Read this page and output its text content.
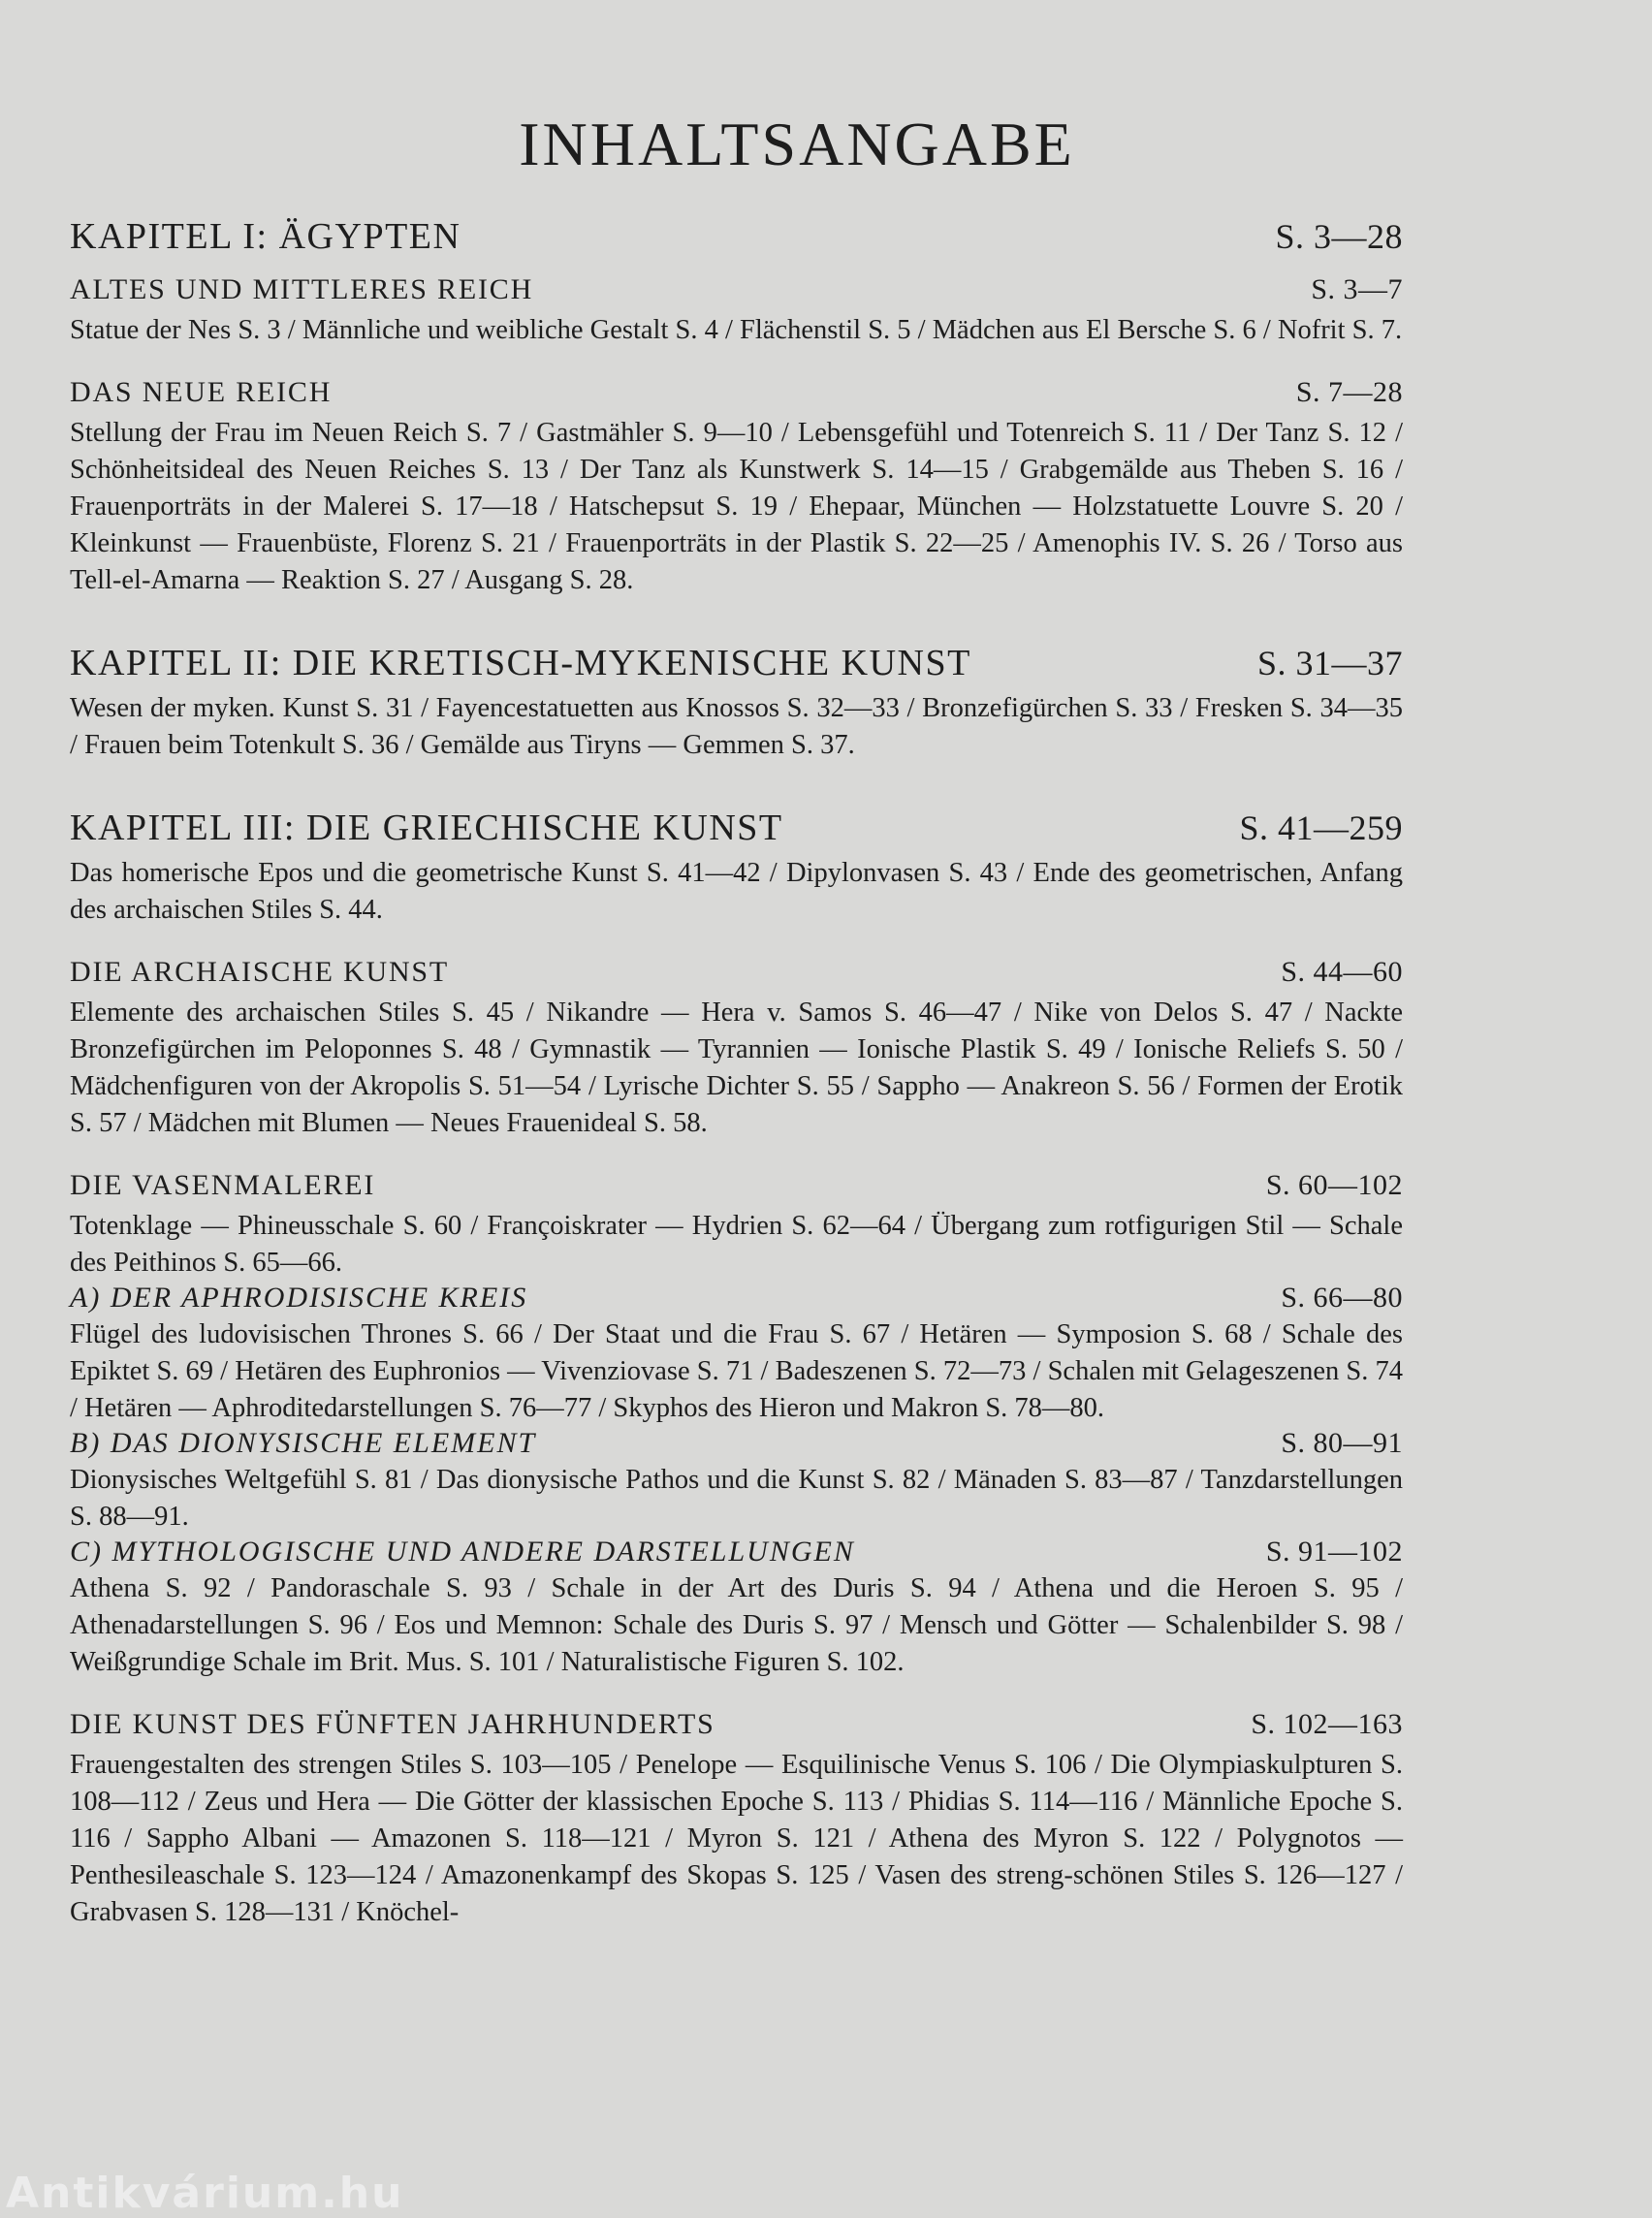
INHALTSANGABE
KAPITEL I: ÄGYPTEN	S. 3—28
ALTES UND MITTLERES REICH	S. 3—7

Statue der Nes S. 3 / Männliche und weibliche Gestalt S. 4 / Flächenstil S. 5 / Mädchen aus El Bersche S. 6 / Nofrit S. 7.

DAS NEUE REICH	S. 7—28

Stellung der Frau im Neuen Reich S. 7 / Gastmähler S. 9—10 / Lebensgefühl und Totenreich S. 11 / Der Tanz S. 12 / Schönheitsideal des Neuen Reiches S. 13 / Der Tanz als Kunstwerk S. 14—15 / Grabgemälde aus Theben S. 16 / Frauenporträts in der Malerei S. 17—18 / Hatschepsut S. 19 / Ehepaar, München — Holzstatuette Louvre S. 20 / Kleinkunst — Frauenbüste, Florenz S. 21 / Frauenporträts in der Plastik S. 22—25 / Amenophis IV. S. 26 / Torso aus Tell-el-Amarna — Reaktion S. 27 / Ausgang S. 28.

KAPITEL II: DIE KRETISCH-MYKENISCHE KUNST	S. 31—37

Wesen der myken. Kunst S. 31 / Fayencestatuetten aus Knossos S. 32—33 / Bronzefigürchen S. 33 / Fresken S. 34—35 / Frauen beim Totenkult S. 36 / Gemälde aus Tiryns — Gemmen S. 37.

KAPITEL III: DIE GRIECHISCHE KUNST	S. 41—259

Das homerische Epos und die geometrische Kunst S. 41—42 / Dipylonvasen S. 43 / Ende des geometrischen, Anfang des archaischen Stiles S. 44.

DIE ARCHAISCHE KUNST	S. 44—60

Elemente des archaischen Stiles S. 45 / Nikandre — Hera v. Samos S. 46—47 / Nike von Delos S. 47 / Nackte Bronzefigürchen im Peloponnes S. 48 / Gymnastik — Tyrannien — Ionische Plastik S. 49 / Ionische Reliefs S. 50 / Mädchenfiguren von der Akropolis S. 51—54 / Lyrische Dichter S. 55 / Sappho — Anakreon S. 56 / Formen der Erotik S. 57 / Mädchen mit Blumen — Neues Frauenideal S. 58.

DIE VASENMALEREI	S. 60—102

Totenklage — Phineusschale S. 60 / Françoiskrater — Hydrien S. 62—64 / Übergang zum rotfigurigen Stil — Schale des Peithinos S. 65—66.

A) DER APHRODISISCHE KREIS	S. 66—80

Flügel des ludovisischen Thrones S. 66 / Der Staat und die Frau S. 67 / Hetären — Symposion S. 68 / Schale des Epiktet S. 69 / Hetären des Euphronios — Vivenziovase S. 71 / Badeszenen S. 72—73 / Schalen mit Gelageszenen S. 74 / Hetären — Aphroditedarstellungen S. 76—77 / Skyphos des Hieron und Makron S. 78—80.

B) DAS DIONYSISCHE ELEMENT	S. 80—91

Dionysisches Weltgefühl S. 81 / Das dionysische Pathos und die Kunst S. 82 / Mänaden S. 83—87 / Tanzdarstellungen S. 88—91.

C) MYTHOLOGISCHE UND ANDERE DARSTELLUNGEN	S. 91—102

Athena S. 92 / Pandoraschale S. 93 / Schale in der Art des Duris S. 94 / Athena und die Heroen S. 95 / Athenadarstellungen S. 96 / Eos und Memnon: Schale des Duris S. 97 / Mensch und Götter — Schalenbilder S. 98 / Weißgrundige Schale im Brit. Mus. S. 101 / Naturalistische Figuren S. 102.

DIE KUNST DES FÜNFTEN JAHRHUNDERTS	S. 102—163

Frauengestalten des strengen Stiles S. 103—105 / Penelope — Esquilinische Venus S. 106 / Die Olympiaskulpturen S. 108—112 / Zeus und Hera — Die Götter der klassischen Epoche S. 113 / Phidias S. 114—116 / Männliche Epoche S. 116 / Sappho Albani — Amazonen S. 118—121 / Myron S. 121 / Athena des Myron S. 122 / Polygnotos — Penthesileaschale S. 123—124 / Amazonenkampf des Skopas S. 125 / Vasen des streng-schönen Stiles S. 126—127 / Grabvasen S. 128—131 / Knöchel-

Antikvárium.hu
